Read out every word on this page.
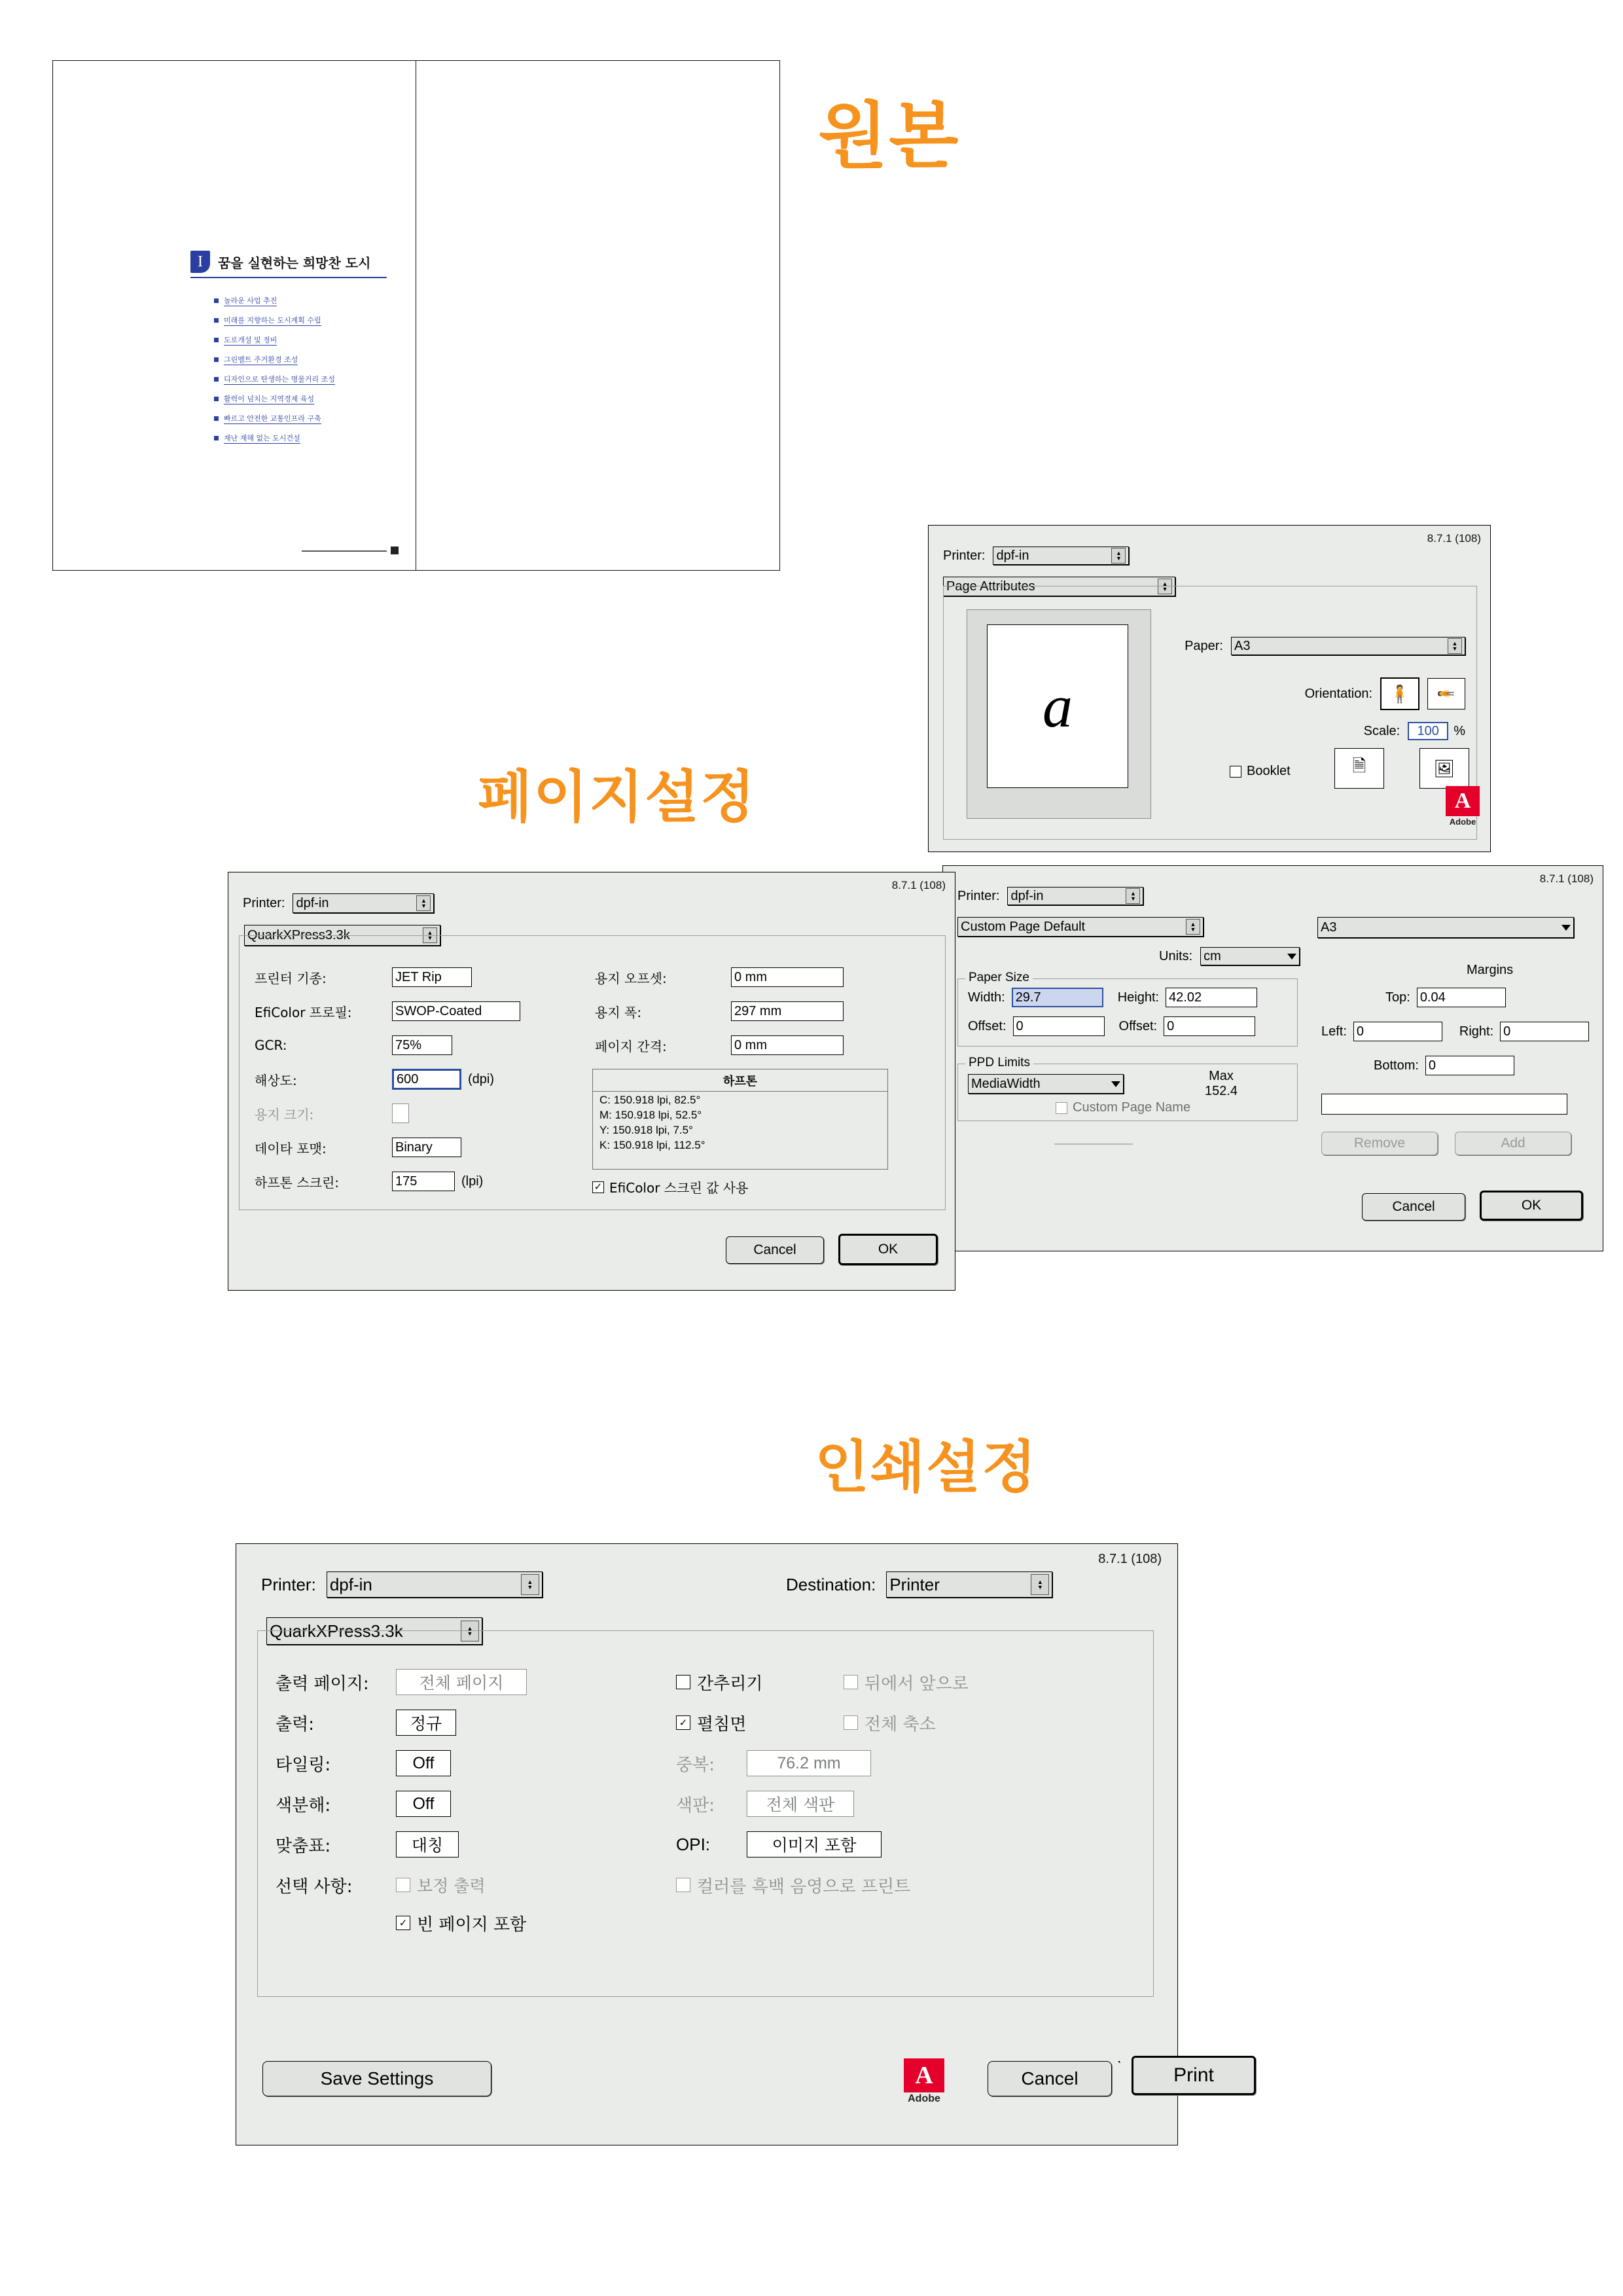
I	꿈을 실현하는 희망찬 도시
놀라운 사업 추진
미래를 지향하는 도시계획 수립
도로개설 및 정비
그린벨트 주거환경 조성
디자인으로 탄생하는 명물거리 조성
활력이 넘치는 지역경제 육성
빠르고 안전한 교통인프라 구축
재난 재해 없는 도시건설
원본
페이지설정
인쇄설정
8.7.1 (108)
Printer: dpf-in	▲
▼
Page Attributes	▲
▼
a
Paper: A3	▲
▼
Orientation: 🧍 🧍
Scale: 100 %
Booklet	🗎	🖼
A
Adobe
8.7.1 (108)
Printer: dpf-in	▲
▼
Custom Page Default	▲
▼	A3
Units: cm
Paper Size
Width: 29.7	Height: 42.02
Offset: 0	Offset: 0
PPD Limits
MediaWidth
Max
152.4
Custom Page Name
Margins
Top: 0.04
Left: 0	Right: 0
Bottom: 0
Remove	Add
Cancel	OK
8.7.1 (108)
Printer: dpf-in	▲
▼
QuarkXPress3.3k	▲
▼
프린터 기종:	JET Rip
EfiColor 프로필:	SWOP-Coated
GCR:	75%
해상도:	600	(dpi)
용지 크기:
데이타 포맷:	Binary
하프톤 스크린:	175	(lpi)
용지 오프셋:	0 mm
용지 폭:	297 mm
페이지 간격:	0 mm
하프톤
C: 150.918 lpi, 82.5°
M: 150.918 lpi, 52.5°
Y: 150.918 lpi, 7.5°
K: 150.918 lpi, 112.5°
✓ EfiColor 스크린 값 사용
Cancel	OK
8.7.1 (108)
Printer: dpf-in	▲
▼	Destination: Printer	▲
▼
QuarkXPress3.3k	▲
▼
출력 페이지:	전체 페이지
출력:	정규
타일링:	Off
색분해:	Off
맞춤표:	대칭
선택 사항:	보정 출력
✓ 빈 페이지 포함
간추리기	뒤에서 앞으로
✓ 펼침면	전체 축소
중복:	76.2 mm
색판:	전체 색판
OPI:	이미지 포함
컬러를 흑백 음영으로 프린트
Save Settings	A
Adobe
Cancel	Print
